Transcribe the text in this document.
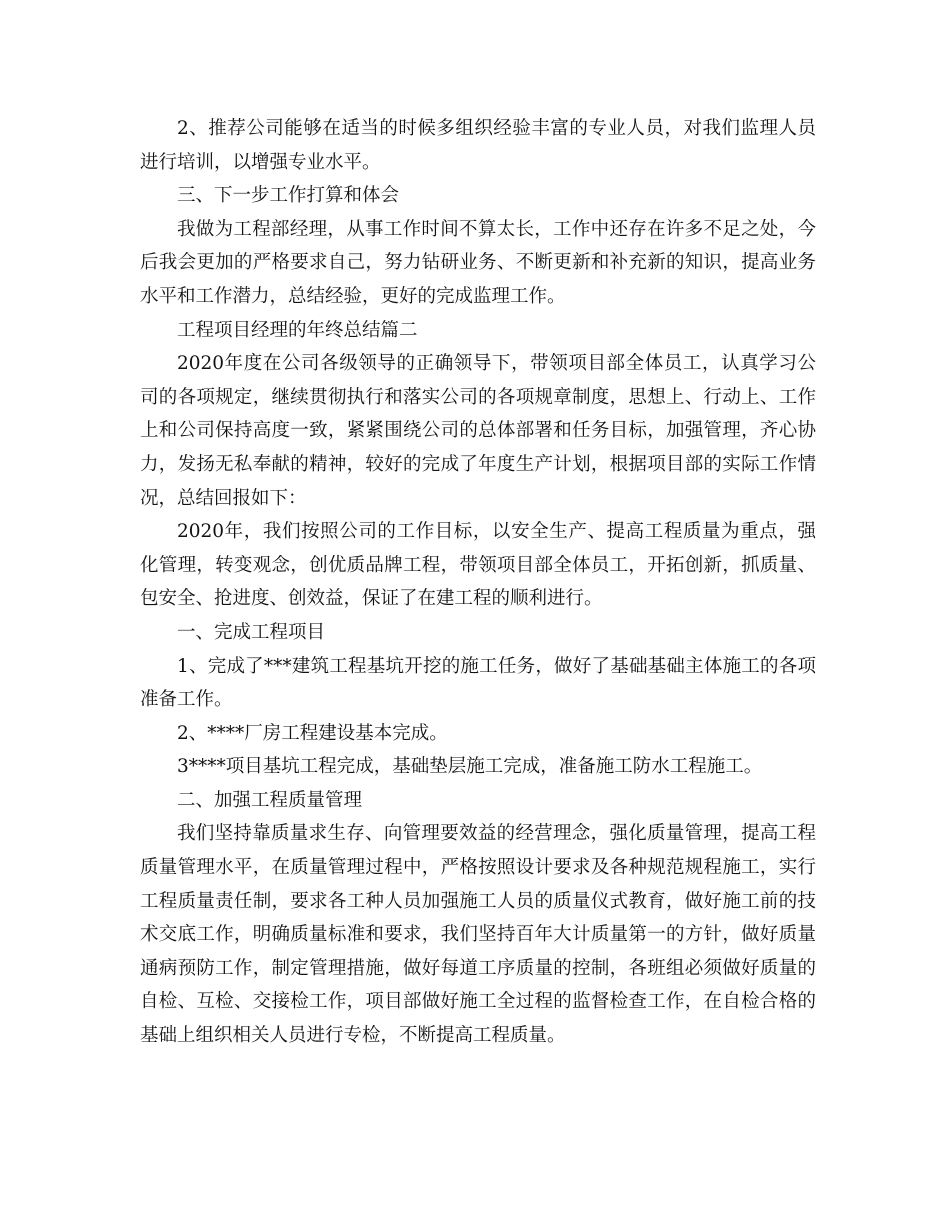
2、推荐公司能够在适当的时候多组织经验丰富的专业人员，对我们监理人员进行培训，以增强专业水平。

三、下一步工作打算和体会

我做为工程部经理，从事工作时间不算太长，工作中还存在许多不足之处，今后我会更加的严格要求自己，努力钻研业务、不断更新和补充新的知识，提高业务水平和工作潜力，总结经验，更好的完成监理工作。

工程项目经理的年终总结篇二

2020年度在公司各级领导的正确领导下，带领项目部全体员工，认真学习公司的各项规定，继续贯彻执行和落实公司的各项规章制度，思想上、行动上、工作上和公司保持高度一致，紧紧围绕公司的总体部署和任务目标，加强管理，齐心协力，发扬无私奉献的精神，较好的完成了年度生产计划，根据项目部的实际工作情况，总结回报如下：

2020年，我们按照公司的工作目标，以安全生产、提高工程质量为重点，强化管理，转变观念，创优质品牌工程，带领项目部全体员工，开拓创新，抓质量、包安全、抢进度、创效益，保证了在建工程的顺利进行。

一、完成工程项目

1、完成了***建筑工程基坑开挖的施工任务，做好了基础基础主体施工的各项准备工作。

2、****厂房工程建设基本完成。

3****项目基坑工程完成，基础垫层施工完成，准备施工防水工程施工。

二、加强工程质量管理

我们坚持靠质量求生存、向管理要效益的经营理念，强化质量管理，提高工程质量管理水平，在质量管理过程中，严格按照设计要求及各种规范规程施工，实行工程质量责任制，要求各工种人员加强施工人员的质量仪式教育，做好施工前的技术交底工作，明确质量标准和要求，我们坚持百年大计质量第一的方针，做好质量通病预防工作，制定管理措施，做好每道工序质量的控制，各班组必须做好质量的自检、互检、交接检工作，项目部做好施工全过程的监督检查工作，在自检合格的基础上组织相关人员进行专检，不断提高工程质量。
